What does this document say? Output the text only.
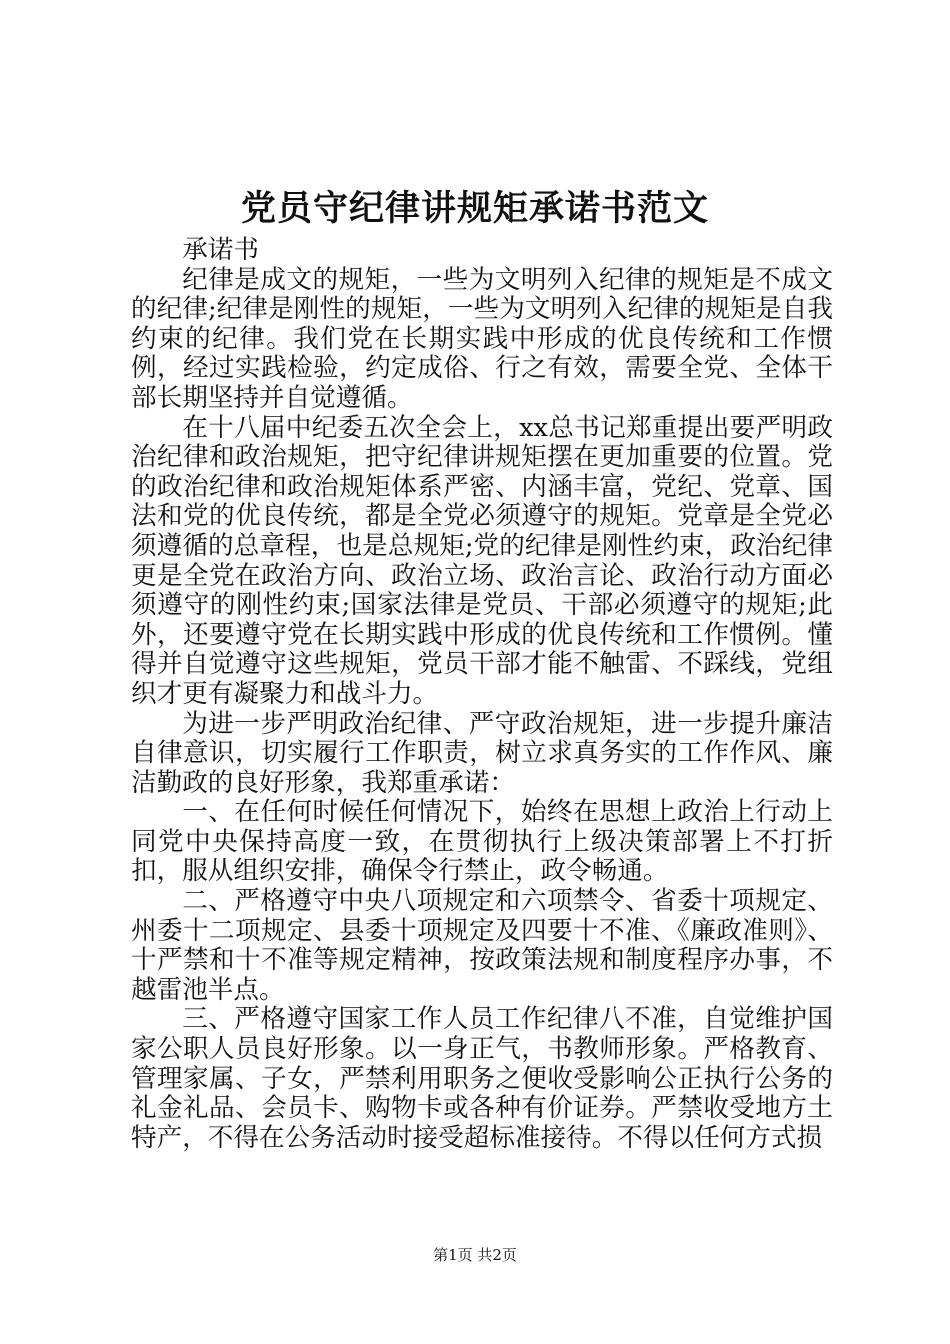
党员守纪律讲规矩承诺书范文

承诺书

纪律是成文的规矩，一些为文明列入纪律的规矩是不成文的纪律;纪律是刚性的规矩，一些为文明列入纪律的规矩是自我约束的纪律。我们党在长期实践中形成的优良传统和工作惯例，经过实践检验，约定成俗、行之有效，需要全党、全体干部长期坚持并自觉遵循。

在十八届中纪委五次全会上，xx总书记郑重提出要严明政治纪律和政治规矩，把守纪律讲规矩摆在更加重要的位置。党的政治纪律和政治规矩体系严密、内涵丰富，党纪、党章、国法和党的优良传统，都是全党必须遵守的规矩。党章是全党必须遵循的总章程，也是总规矩;党的纪律是刚性约束，政治纪律更是全党在政治方向、政治立场、政治言论、政治行动方面必须遵守的刚性约束;国家法律是党员、干部必须遵守的规矩;此外，还要遵守党在长期实践中形成的优良传统和工作惯例。懂得并自觉遵守这些规矩，党员干部才能不触雷、不踩线，党组织才更有凝聚力和战斗力。

为进一步严明政治纪律、严守政治规矩，进一步提升廉洁自律意识，切实履行工作职责，树立求真务实的工作作风、廉洁勤政的良好形象，我郑重承诺：

一、在任何时候任何情况下，始终在思想上政治上行动上同党中央保持高度一致，在贯彻执行上级决策部署上不打折扣，服从组织安排，确保令行禁止，政令畅通。

二、严格遵守中央八项规定和六项禁令、省委十项规定、州委十二项规定、县委十项规定及四要十不准、《廉政准则》、十严禁和十不准等规定精神，按政策法规和制度程序办事，不越雷池半点。

三、严格遵守国家工作人员工作纪律八不准，自觉维护国家公职人员良好形象。以一身正气，书教师形象。严格教育、管理家属、子女，严禁利用职务之便收受影响公正执行公务的礼金礼品、会员卡、购物卡或各种有价证券。严禁收受地方土特产，不得在公务活动时接受超标准接待。不得以任何方式损

第1页 共2页
